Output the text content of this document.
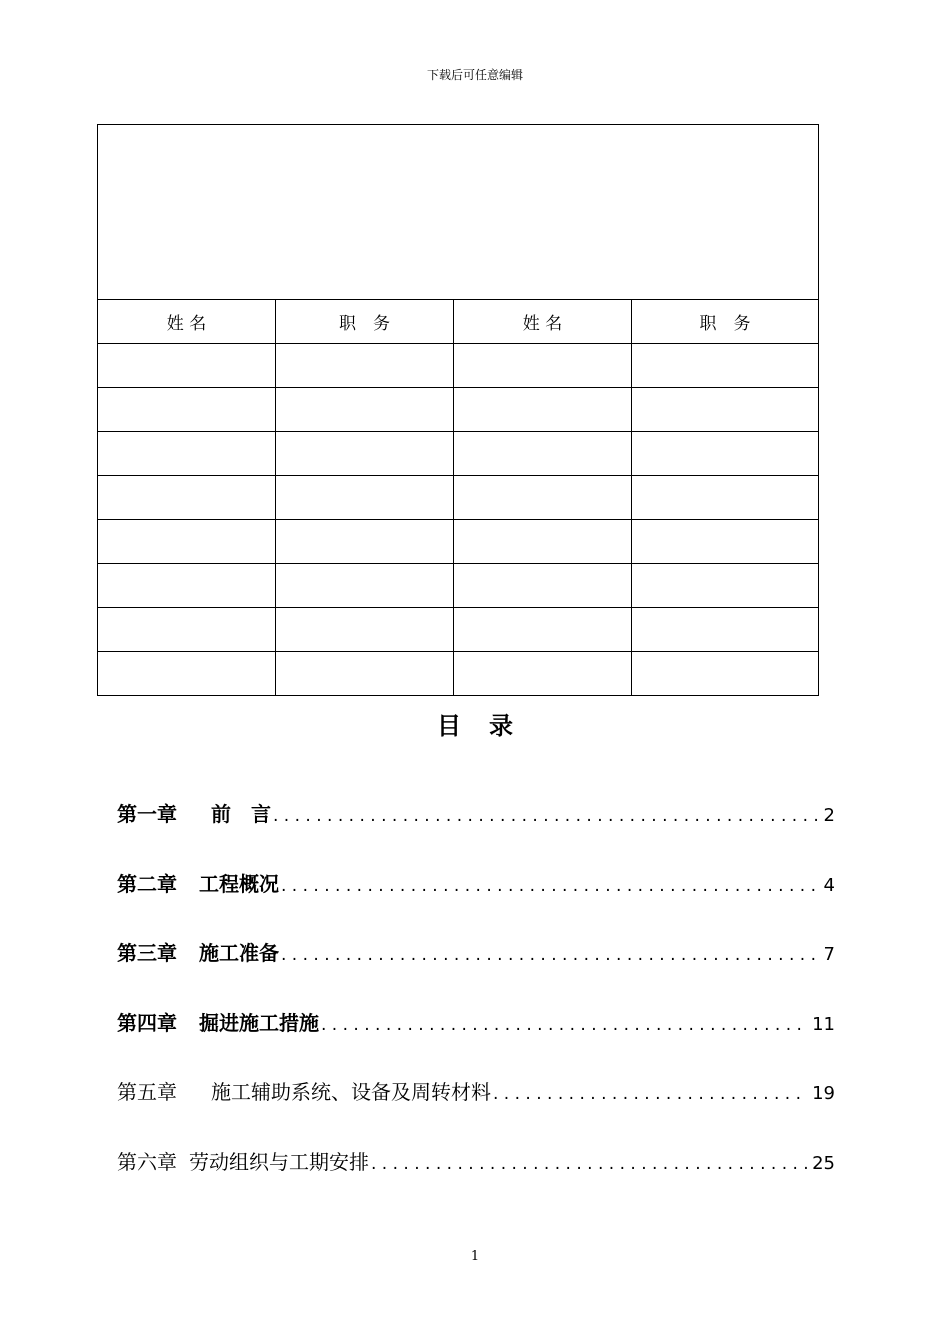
下载后可任意编辑

姓 名	职　务	姓 名	职　务

目录
第一章 前　言 . . .	2
第二章 工程概况 . . .	4
第三章 施工准备 . . .	7
第四章 掘进施工措施 . . .	11
第五章 施工辅助系统、设备及周转材料 . . .	19
第六章 劳动组织与工期安排 . . .	25
1
